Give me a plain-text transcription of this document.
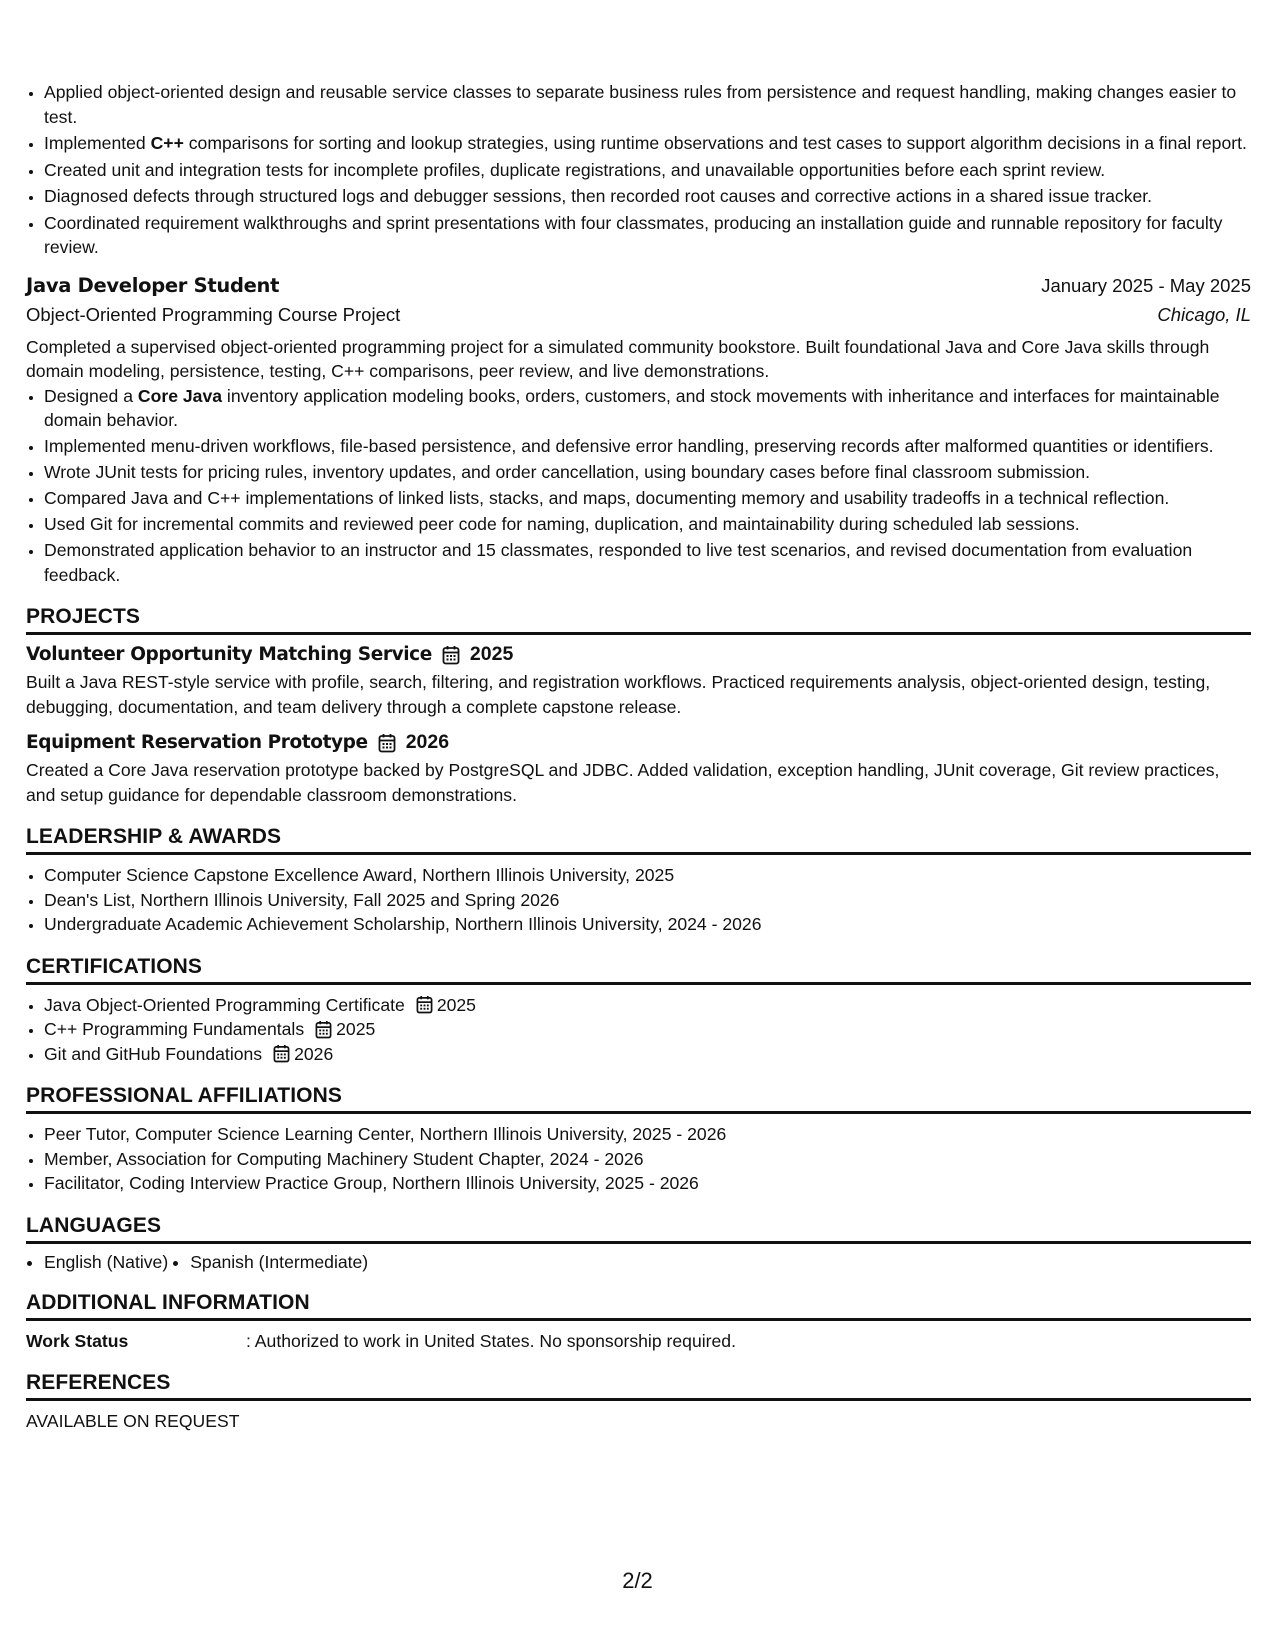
• Applied object-oriented design and reusable service classes to separate business rules from persistence and request handling, making changes easier to test.
• Implemented C++ comparisons for sorting and lookup strategies, using runtime observations and test cases to support algorithm decisions in a final report.
• Created unit and integration tests for incomplete profiles, duplicate registrations, and unavailable opportunities before each sprint review.
• Diagnosed defects through structured logs and debugger sessions, then recorded root causes and corrective actions in a shared issue tracker.
• Coordinated requirement walkthroughs and sprint presentations with four classmates, producing an installation guide and runnable repository for faculty review.
Java Developer Student	January 2025 - May 2025
Object-Oriented Programming Course Project	Chicago, IL
Completed a supervised object-oriented programming project for a simulated community bookstore. Built foundational Java and Core Java skills through domain modeling, persistence, testing, C++ comparisons, peer review, and live demonstrations.
• Designed a Core Java inventory application modeling books, orders, customers, and stock movements with inheritance and interfaces for maintainable domain behavior.
• Implemented menu-driven workflows, file-based persistence, and defensive error handling, preserving records after malformed quantities or identifiers.
• Wrote JUnit tests for pricing rules, inventory updates, and order cancellation, using boundary cases before final classroom submission.
• Compared Java and C++ implementations of linked lists, stacks, and maps, documenting memory and usability tradeoffs in a technical reflection.
• Used Git for incremental commits and reviewed peer code for naming, duplication, and maintainability during scheduled lab sessions.
• Demonstrated application behavior to an instructor and 15 classmates, responded to live test scenarios, and revised documentation from evaluation feedback.
PROJECTS
Volunteer Opportunity Matching Service 2025
Built a Java REST-style service with profile, search, filtering, and registration workflows. Practiced requirements analysis, object-oriented design, testing, debugging, documentation, and team delivery through a complete capstone release.
Equipment Reservation Prototype 2026
Created a Core Java reservation prototype backed by PostgreSQL and JDBC. Added validation, exception handling, JUnit coverage, Git review practices, and setup guidance for dependable classroom demonstrations.
LEADERSHIP & AWARDS
• Computer Science Capstone Excellence Award, Northern Illinois University, 2025
• Dean's List, Northern Illinois University, Fall 2025 and Spring 2026
• Undergraduate Academic Achievement Scholarship, Northern Illinois University, 2024 - 2026
CERTIFICATIONS
• Java Object-Oriented Programming Certificate 2025
• C++ Programming Fundamentals 2025
• Git and GitHub Foundations 2026
PROFESSIONAL AFFILIATIONS
• Peer Tutor, Computer Science Learning Center, Northern Illinois University, 2025 - 2026
• Member, Association for Computing Machinery Student Chapter, 2024 - 2026
• Facilitator, Coding Interview Practice Group, Northern Illinois University, 2025 - 2026
LANGUAGES
English (Native) Spanish (Intermediate)
ADDITIONAL INFORMATION
Work Status	: Authorized to work in United States. No sponsorship required.
REFERENCES
AVAILABLE ON REQUEST
2/2
